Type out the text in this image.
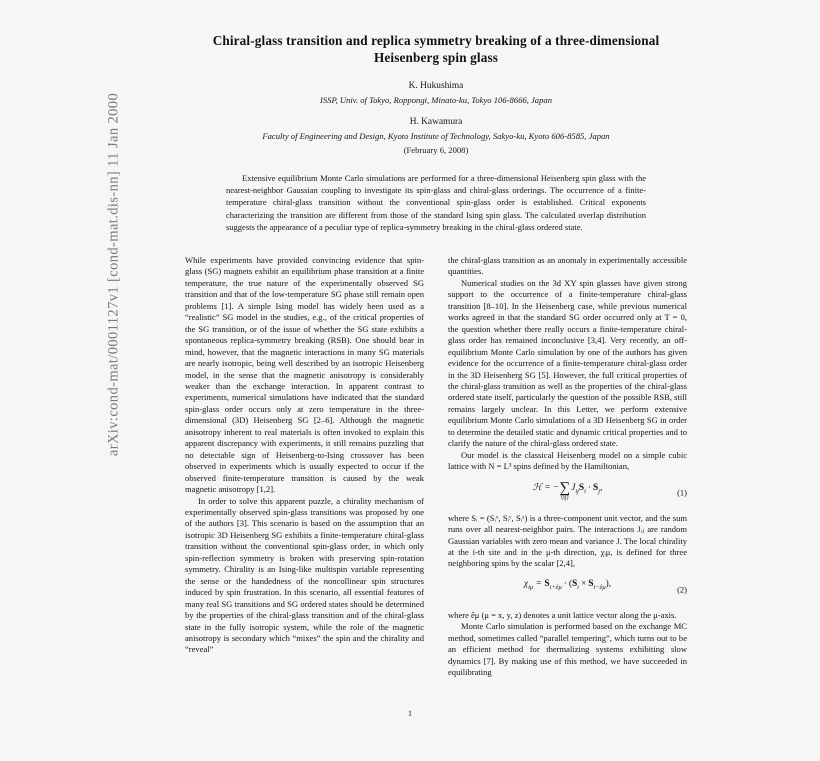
arXiv:cond-mat/0001127v1 [cond-mat.dis-nn] 11 Jan 2000
Chiral-glass transition and replica symmetry breaking of a three-dimensional Heisenberg spin glass
K. Hukushima
ISSP, Univ. of Tokyo, Roppongi, Minato-ku, Tokyo 106-8666, Japan
H. Kawamura
Faculty of Engineering and Design, Kyoto Institute of Technology, Sakyo-ku, Kyoto 606-8585, Japan
(February 6, 2008)
Extensive equilibrium Monte Carlo simulations are performed for a three-dimensional Heisenberg spin glass with the nearest-neighbor Gaussian coupling to investigate its spin-glass and chiral-glass orderings. The occurrence of a finite-temperature chiral-glass transition without the conventional spin-glass order is established. Critical exponents characterizing the transition are different from those of the standard Ising spin glass. The calculated overlap distribution suggests the appearance of a peculiar type of replica-symmetry breaking in the chiral-glass ordered state.

While experiments have provided convincing evidence that spin-glass (SG) magnets exhibit an equilibrium phase transition at a finite temperature, the true nature of the experimentally observed SG transition and that of the low-temperature SG phase still remain open problems [1]. A simple Ising model has widely been used as a “realistic” SG model in the studies, e.g., of the critical properties of the SG transition, or of the issue of whether the SG state exhibits a spontaneous replica-symmetry breaking (RSB). One should bear in mind, however, that the magnetic interactions in many SG materials are nearly isotropic, being well described by an isotropic Heisenberg model, in the sense that the magnetic anisotropy is considerably weaker than the exchange interaction. In apparent contrast to experiments, numerical simulations have indicated that the standard spin-glass order occurs only at zero temperature in the three-dimensional (3D) Heisenberg SG [2–6]. Although the magnetic anisotropy inherent to real materials is often invoked to explain this apparent discrepancy with experiments, it still remains puzzling that no detectable sign of Heisenberg-to-Ising crossover has been observed in experiments which is usually expected to occur if the observed finite-temperature transition is caused by the weak magnetic anisotropy [1,2].

In order to solve this apparent puzzle, a chirality mechanism of experimentally observed spin-glass transitions was proposed by one of the authors [3]. This scenario is based on the assumption that an isotropic 3D Heisenberg SG exhibits a finite-temperature chiral-glass transition without the conventional spin-glass order, in which only spin-reflection symmetry is broken with preserving spin-rotation symmetry. Chirality is an Ising-like multispin variable representing the sense or the handedness of the noncollinear spin structures induced by spin frustration. In this scenario, all essential features of many real SG transitions and SG ordered states should be determined by the properties of the chiral-glass transition and of the chiral-glass state in the fully isotropic system, while the role of the magnetic anisotropy is secondary which “mixes” the spin and the chirality and “reveal”

the chiral-glass transition as an anomaly in experimentally accessible quantities.

Numerical studies on the 3d XY spin glasses have given strong support to the occurrence of a finite-temperature chiral-glass transition [8–10]. In the Heisenberg case, while previous numerical works agreed in that the standard SG order occurred only at T = 0, the question whether there really occurs a finite-temperature chiral-glass order has remained inconclusive [3,4]. Very recently, an off-equilibrium Monte Carlo simulation by one of the authors has given evidence for the occurrence of a finite-temperature chiral-glass order in the 3D Heisenberg SG [5]. However, the full critical properties of the chiral-glass transition as well as the properties of the chiral-glass ordered state itself, particularly the question of the possible RSB, still remains largely unclear. In this Letter, we perform extensive equilibrium Monte Carlo simulations of a 3D Heisenberg SG in order to determine the detailed static and dynamic critical properties and to clarify the nature of the chiral-glass ordered state.

Our model is the classical Heisenberg model on a simple cubic lattice with N = L³ spins defined by the Hamiltonian,

ℋ = −∑
⟨ij⟩
$J_{ij}S_i \cdot S_j$,	(1)

where Sᵢ = (Sᵢˣ, Sᵢʸ, Sᵢᶻ) is a three-component unit vector, and the sum runs over all nearest-neighbor pairs. The interactions Jᵢⱼ are random Gaussian variables with zero mean and variance J. The local chirality at the i-th site and in the μ-th direction, χᵢμ, is defined for three neighboring spins by the scalar [2,4],

$\chi_{i\mu} = S_{i+ê\mu} \cdot (S_i \times S_{i-ê\mu})$,
(2)

where êμ (μ = x, y, z) denotes a unit lattice vector along the μ-axis.

Monte Carlo simulation is performed based on the exchange MC method, sometimes called “parallel tempering”, which turns out to be an efficient method for thermalizing systems exhibiting slow dynamics [7]. By making use of this method, we have succeeded in equilibrating

1
